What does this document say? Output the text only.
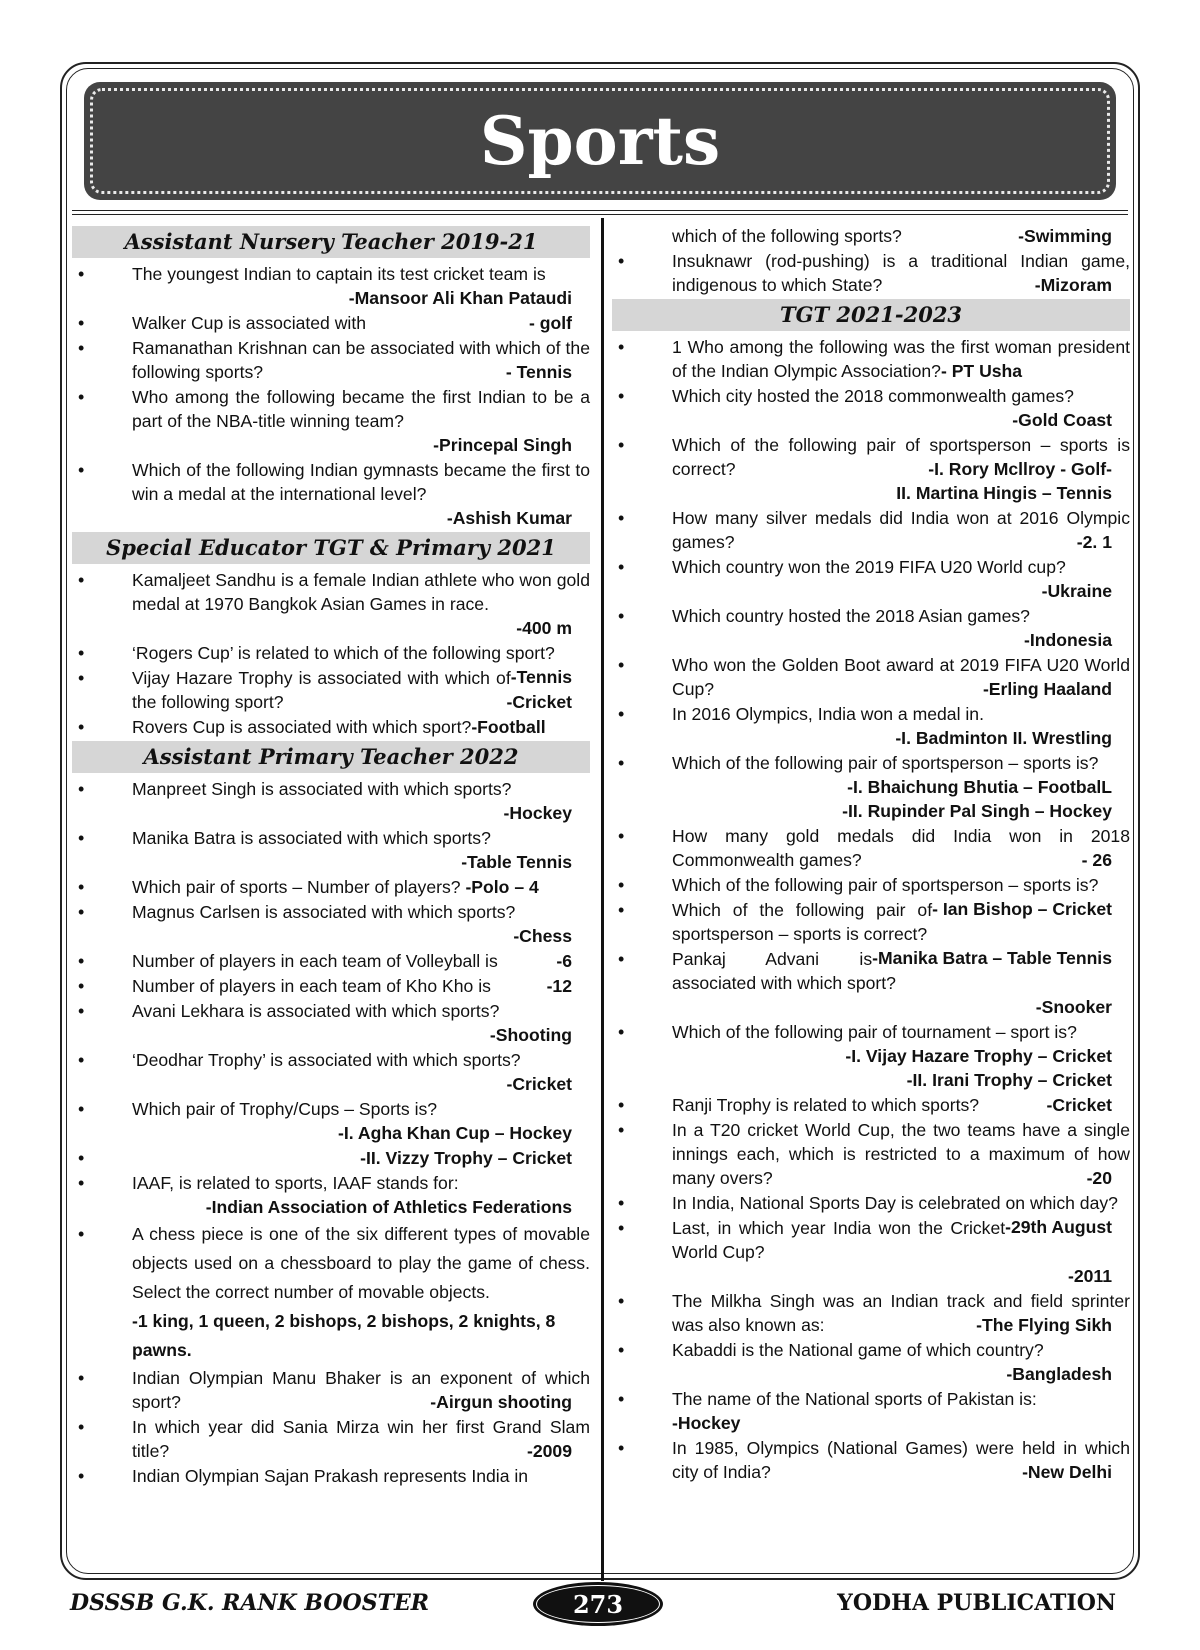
Sports
Assistant Nursery Teacher 2019-21
• The youngest Indian to captain its test cricket team is
-Mansoor Ali Khan Pataudi
• Walker Cup is associated with	- golf
• Ramanathan Krishnan can be associated with which of the following sports?	- Tennis
• Who among the following became the first Indian to be a part of the NBA-title winning team?
-Princepal Singh
• Which of the following Indian gymnasts became the first to win a medal at the international level?
-Ashish Kumar
Special Educator TGT & Primary 2021
• Kamaljeet Sandhu is a female Indian athlete who won gold medal at 1970 Bangkok Asian Games in race.
-400 m
• ‘Rogers Cup’ is related to which of the following sport?
-Tennis
• Vijay Hazare Trophy is associated with which of the following sport?	-Cricket
• Rovers Cup is associated with which sport?-Football
Assistant Primary Teacher 2022
• Manpreet Singh is associated with which sports?
-Hockey
• Manika Batra is associated with which sports?
-Table Tennis
• Which pair of sports – Number of players? -Polo – 4
• Magnus Carlsen is associated with which sports?
-Chess
• Number of players in each team of Volleyball is	-6
• Number of players in each team of Kho Kho is	-12
• Avani Lekhara is associated with which sports?
-Shooting
• ‘Deodhar Trophy’ is associated with which sports?
-Cricket
• Which pair of Trophy/Cups – Sports is?
-I. Agha Khan Cup – Hockey
• -II. Vizzy Trophy – Cricket
• IAAF, is related to sports, IAAF stands for:
-Indian Association of Athletics Federations
• A chess piece is one of the six different types of movable objects used on a chessboard to play the game of chess. Select the correct number of movable objects.
-1 king, 1 queen, 2 bishops, 2 bishops, 2 knights, 8 pawns.
• Indian Olympian Manu Bhaker is an exponent of which sport?	-Airgun shooting
• In which year did Sania Mirza win her first Grand Slam title?	-2009
• Indian Olympian Sajan Prakash represents India in
which of the following sports?	-Swimming
• Insuknawr (rod-pushing) is a traditional Indian game, indigenous to which State?	-Mizoram
TGT 2021-2023
• 1 Who among the following was the first woman president of the Indian Olympic Association?- PT Usha
• Which city hosted the 2018 commonwealth games?
-Gold Coast
• Which of the following pair of sportsperson – sports is correct?	-I. Rory Mcllroy - Golf-
II. Martina Hingis – Tennis
• How many silver medals did India won at 2016 Olympic games?	-2. 1
• Which country won the 2019 FIFA U20 World cup?
-Ukraine
• Which country hosted the 2018 Asian games?
-Indonesia
• Who won the Golden Boot award at 2019 FIFA U20 World Cup?	-Erling Haaland
• In 2016 Olympics, India won a medal in.
-I. Badminton II. Wrestling
• Which of the following pair of sportsperson – sports is?
-I. Bhaichung Bhutia – FootbalL
-II. Rupinder Pal Singh – Hockey
• How many gold medals did India won in 2018 Commonwealth games?	- 26
• Which of the following pair of sportsperson – sports is?
- Ian Bishop – Cricket
• Which of the following pair of sportsperson – sports is correct?
-Manika Batra – Table Tennis
• Pankaj Advani is associated with which sport?
-Snooker
• Which of the following pair of tournament – sport is?
-I. Vijay Hazare Trophy – Cricket
-II. Irani Trophy – Cricket
• Ranji Trophy is related to which sports?	-Cricket
• In a T20 cricket World Cup, the two teams have a single innings each, which is restricted to a maximum of how many overs?	-20
• In India, National Sports Day is celebrated on which day?
-29th August
• Last, in which year India won the Cricket World Cup?
-2011
• The Milkha Singh was an Indian track and field sprinter was also known as:	-The Flying Sikh
• Kabaddi is the National game of which country?
-Bangladesh
• The name of the National sports of Pakistan is:
-Hockey
• In 1985, Olympics (National Games) were held in which city of India?	-New Delhi
DSSSB G.K. RANK BOOSTER	273	YODHA PUBLICATION
